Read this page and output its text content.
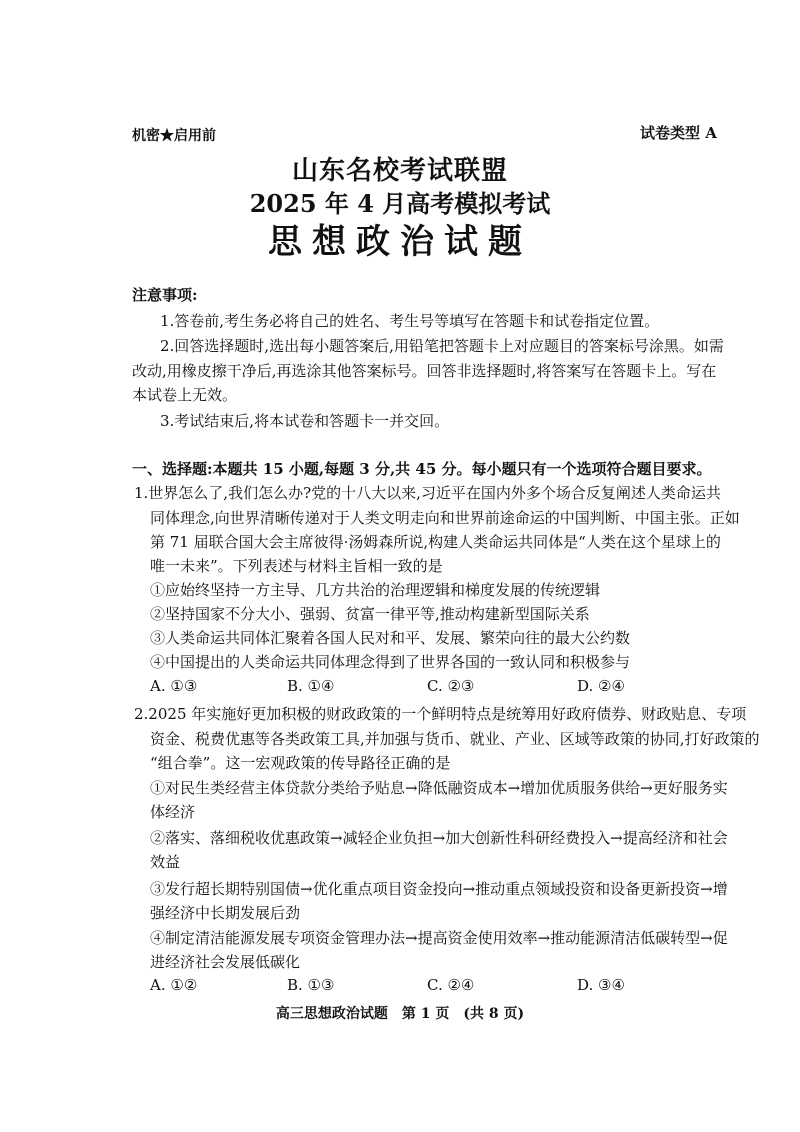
机密★启用前	试卷类型 A
山东名校考试联盟
2025 年 4 月高考模拟考试
思想政治试题
注意事项:
1.答卷前,考生务必将自己的姓名、考生号等填写在答题卡和试卷指定位置。
2.回答选择题时,选出每小题答案后,用铅笔把答题卡上对应题目的答案标号涂黑。如需
改动,用橡皮擦干净后,再选涂其他答案标号。回答非选择题时,将答案写在答题卡上。写在
本试卷上无效。
3.考试结束后,将本试卷和答题卡一并交回。
一、选择题:本题共 15 小题,每题 3 分,共 45 分。每小题只有一个选项符合题目要求。
1.世界怎么了,我们怎么办?党的十八大以来,习近平在国内外多个场合反复阐述人类命运共
同体理念,向世界清晰传递对于人类文明走向和世界前途命运的中国判断、中国主张。正如
第 71 届联合国大会主席彼得·汤姆森所说,构建人类命运共同体是“人类在这个星球上的
唯一未来”。下列表述与材料主旨相一致的是
①应始终坚持一方主导、几方共治的治理逻辑和梯度发展的传统逻辑
②坚持国家不分大小、强弱、贫富一律平等,推动构建新型国际关系
③人类命运共同体汇聚着各国人民对和平、发展、繁荣向往的最大公约数
④中国提出的人类命运共同体理念得到了世界各国的一致认同和积极参与
A. ①③	B. ①④	C. ②③	D. ②④
2.2025 年实施好更加积极的财政政策的一个鲜明特点是统筹用好政府债券、财政贴息、专项
资金、税费优惠等各类政策工具,并加强与货币、就业、产业、区域等政策的协同,打好政策的
“组合拳”。这一宏观政策的传导路径正确的是
①对民生类经营主体贷款分类给予贴息→降低融资成本→增加优质服务供给→更好服务实
体经济
②落实、落细税收优惠政策→减轻企业负担→加大创新性科研经费投入→提高经济和社会
效益
③发行超长期特别国债→优化重点项目资金投向→推动重点领域投资和设备更新投资→增
强经济中长期发展后劲
④制定清洁能源发展专项资金管理办法→提高资金使用效率→推动能源清洁低碳转型→促
进经济社会发展低碳化
A. ①②	B. ①③	C. ②④	D. ③④
高三思想政治试题　第 1 页　(共 8 页)
